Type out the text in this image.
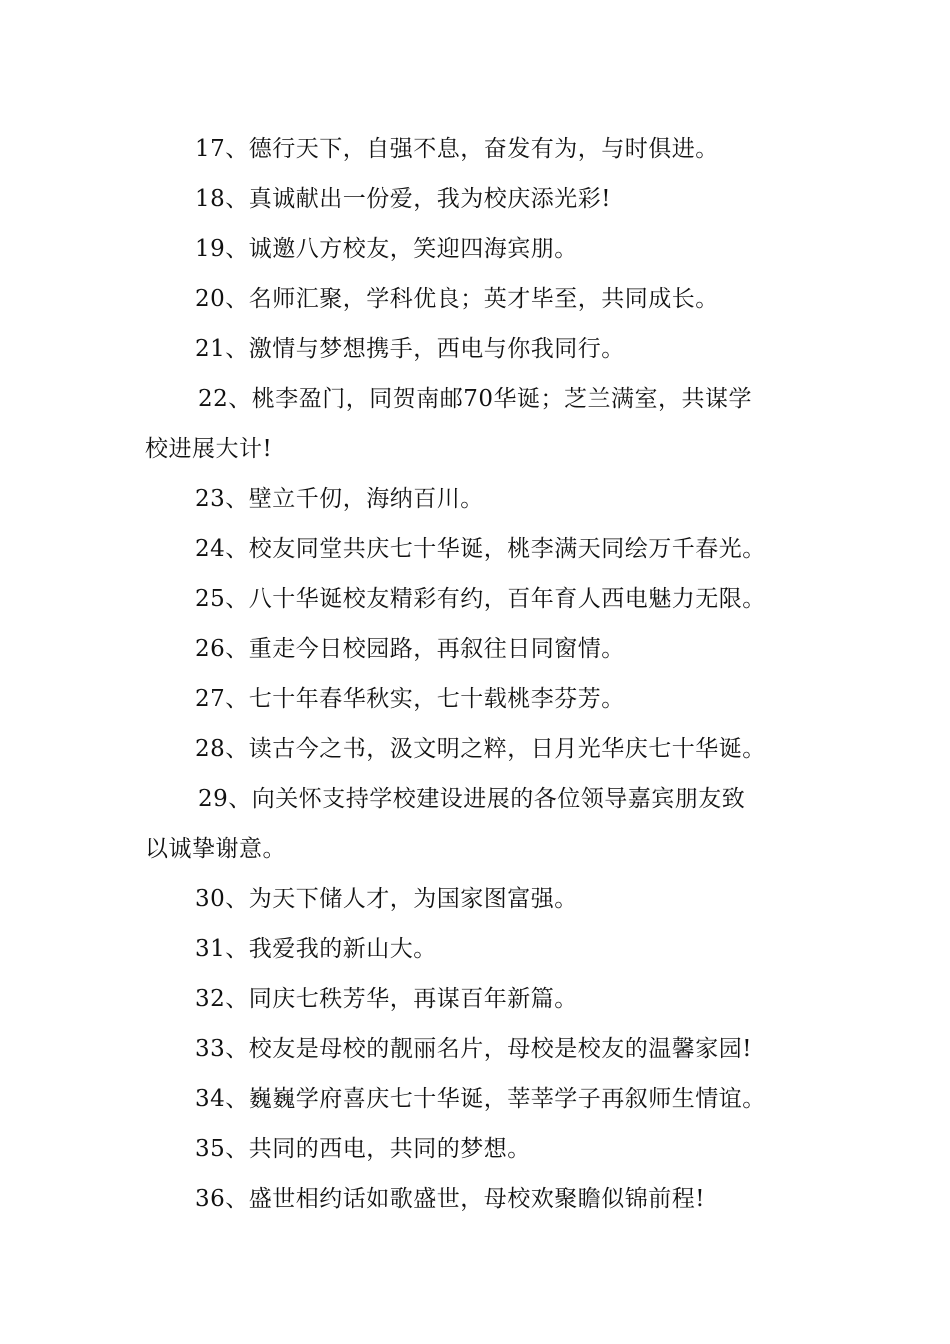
17、德行天下，自强不息，奋发有为，与时俱进。
18、真诚献出一份爱，我为校庆添光彩!
19、诚邀八方校友，笑迎四海宾朋。
20、名师汇聚，学科优良；英才毕至，共同成长。
21、激情与梦想携手，西电与你我同行。
22、桃李盈门，同贺南邮70华诞；芝兰满室，共谋学
校进展大计!
23、壁立千仞，海纳百川。
24、校友同堂共庆七十华诞，桃李满天同绘万千春光。
25、八十华诞校友精彩有约，百年育人西电魅力无限。
26、重走今日校园路，再叙往日同窗情。
27、七十年春华秋实，七十载桃李芬芳。
28、读古今之书，汲文明之粹，日月光华庆七十华诞。
29、向关怀支持学校建设进展的各位领导嘉宾朋友致
以诚挚谢意。
30、为天下储人才，为国家图富强。
31、我爱我的新山大。
32、同庆七秩芳华，再谋百年新篇。
33、校友是母校的靓丽名片，母校是校友的温馨家园!
34、巍巍学府喜庆七十华诞，莘莘学子再叙师生情谊。
35、共同的西电，共同的梦想。
36、盛世相约话如歌盛世，母校欢聚瞻似锦前程!
